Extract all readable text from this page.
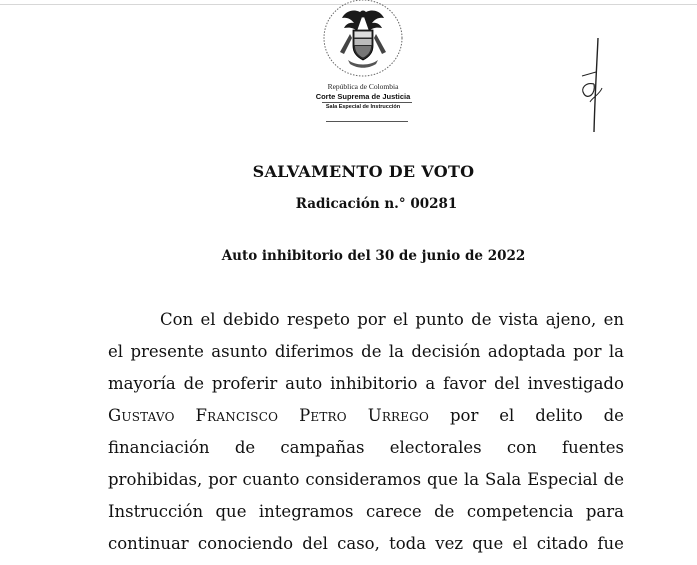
República de Colombia
Corte Suprema de Justicia
Sala Especial de Instrucción
SALVAMENTO DE VOTO
Radicación n.° 00281
Auto inhibitorio del 30 de junio de 2022
Con el debido respeto por el punto de vista ajeno, en
el presente asunto diferimos de la decisión adoptada por la
mayoría de proferir auto inhibitorio a favor del investigado
Gustavo Francisco Petro Urrego por el delito de
financiación de campañas electorales con fuentes
prohibidas, por cuanto consideramos que la Sala Especial de
Instrucción que integramos carece de competencia para
continuar conociendo del caso, toda vez que el citado fue
